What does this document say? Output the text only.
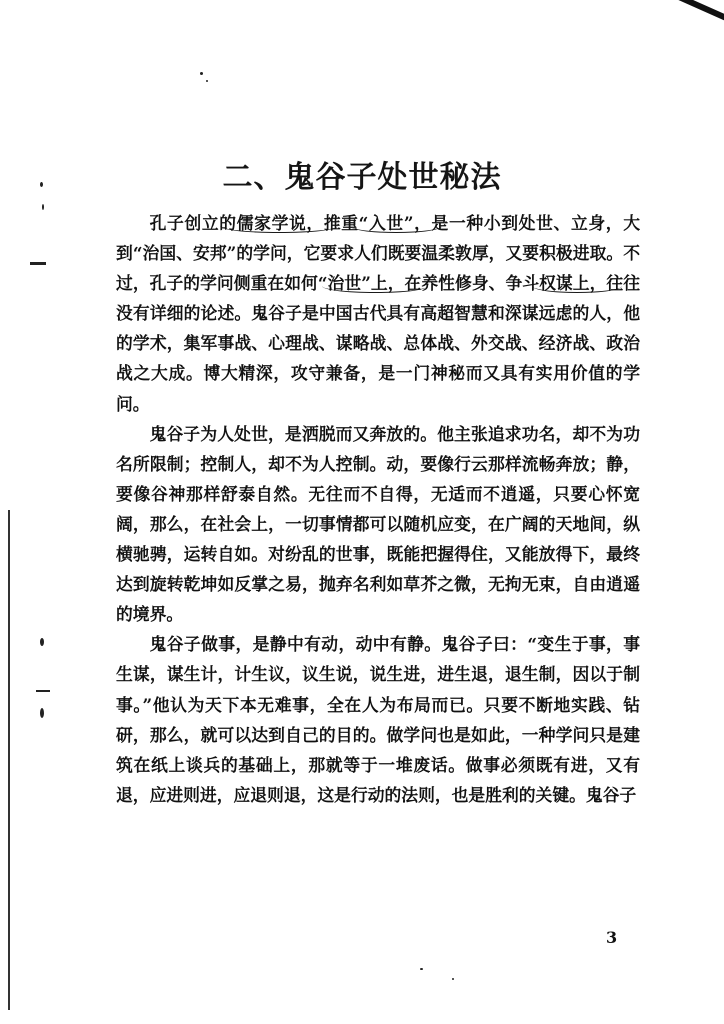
二、鬼谷子处世秘法

孔子创立的儒家学说，推重“入世”，是一种小到处世、立身，大到“治国、安邦”的学问，它要求人们既要温柔敦厚，又要积极进取。不过，孔子的学问侧重在如何“治世”上，在养性修身、争斗权谋上，往往没有详细的论述。鬼谷子是中国古代具有高超智慧和深谋远虑的人，他的学术，集军事战、心理战、谋略战、总体战、外交战、经济战、政治战之大成。博大精深，攻守兼备，是一门神秘而又具有实用价值的学问。

鬼谷子为人处世，是洒脱而又奔放的。他主张追求功名，却不为功名所限制；控制人，却不为人控制。动，要像行云那样流畅奔放；静，要像谷神那样舒泰自然。无往而不自得，无适而不逍遥，只要心怀宽阔，那么，在社会上，一切事情都可以随机应变，在广阔的天地间，纵横驰骋，运转自如。对纷乱的世事，既能把握得住，又能放得下，最终达到旋转乾坤如反掌之易，抛弃名利如草芥之微，无拘无束，自由逍遥的境界。

鬼谷子做事，是静中有动，动中有静。鬼谷子曰：“变生于事，事生谋，谋生计，计生议，议生说，说生进，进生退，退生制，因以于制事。”他认为天下本无难事，全在人为布局而已。只要不断地实践、钻研，那么，就可以达到自己的目的。做学问也是如此，一种学问只是建筑在纸上谈兵的基础上，那就等于一堆废话。做事必须既有进，又有退，应进则进，应退则退，这是行动的法则，也是胜利的关键。鬼谷子

3
